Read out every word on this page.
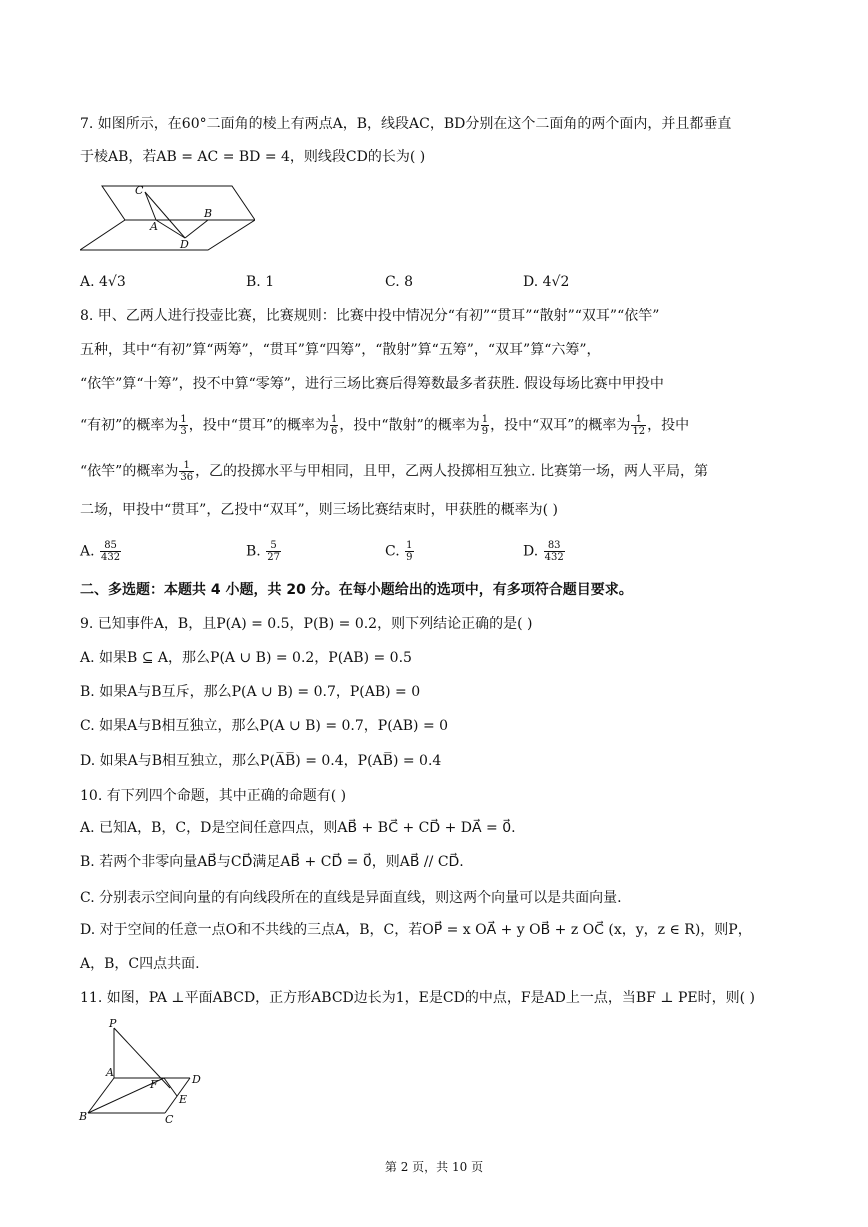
7. 如图所示，在60°二面角的棱上有两点A，B，线段AC，BD分别在这个二面角的两个面内，并且都垂直
于棱AB，若AB = AC = BD = 4，则线段CD的长为( )
C
B
A
D
A. 4√3	B. 1	C. 8	D. 4√2
8. 甲、乙两人进行投壶比赛，比赛规则：比赛中投中情况分“有初”“贯耳”“散射”“双耳”“依竿”
五种，其中“有初”算“两筹”，“贯耳”算“四筹”，“散射”算“五筹”，“双耳”算“六筹”，
“依竿”算“十筹”，投不中算“零筹”，进行三场比赛后得筹数最多者获胜. 假设每场比赛中甲投中
“有初”的概率为 $\frac{1}{3}$ ，投中“贯耳”的概率为 $\frac{1}{6}$ ，投中“散射”的概率为 $\frac{1}{9}$ ，投中“双耳”的概率为 $\frac{1}{12}$ ，投中
“依竿”的概率为 $\frac{1}{36}$ ，乙的投掷水平与甲相同，且甲，乙两人投掷相互独立. 比赛第一场，两人平局，第
二场，甲投中“贯耳”，乙投中“双耳”，则三场比赛结束时，甲获胜的概率为( )
A. $\frac{85}{432}$	B. $\frac{5}{27}$	C. $\frac{1}{9}$	D. $\frac{83}{432}$
二、多选题：本题共 4 小题，共 20 分。在每小题给出的选项中，有多项符合题目要求。
9. 已知事件A，B，且P(A) = 0.5，P(B) = 0.2，则下列结论正确的是( )
A. 如果B ⊆ A，那么P(A ∪ B) = 0.2，P(AB) = 0.5
B. 如果A与B互斥，那么P(A ∪ B) = 0.7，P(AB) = 0
C. 如果A与B相互独立，那么P(A ∪ B) = 0.7，P(AB) = 0
D. 如果A与B相互独立，那么P(A̅B̅) = 0.4，P(AB̅) = 0.4
10. 有下列四个命题，其中正确的命题有( )
A. 已知A，B，C，D是空间任意四点，则AB⃗ + BC⃗ + CD⃗ + DA⃗ = 0⃗.
B. 若两个非零向量AB⃗与CD⃗满足AB⃗ + CD⃗ = 0⃗，则AB⃗ // CD⃗.
C. 分别表示空间向量的有向线段所在的直线是异面直线，则这两个向量可以是共面向量.
D. 对于空间的任意一点O和不共线的三点A，B，C，若OP⃗ = x OA⃗ + y OB⃗ + z OC⃗ (x，y，z ∈ R)，则P，
A，B，C四点共面.
11. 如图，PA ⊥平面ABCD，正方形ABCD边长为1，E是CD的中点，F是AD上一点，当BF ⊥ PE时，则( )
P
A
F	D
E
B	C
第 2 页，共 10 页
